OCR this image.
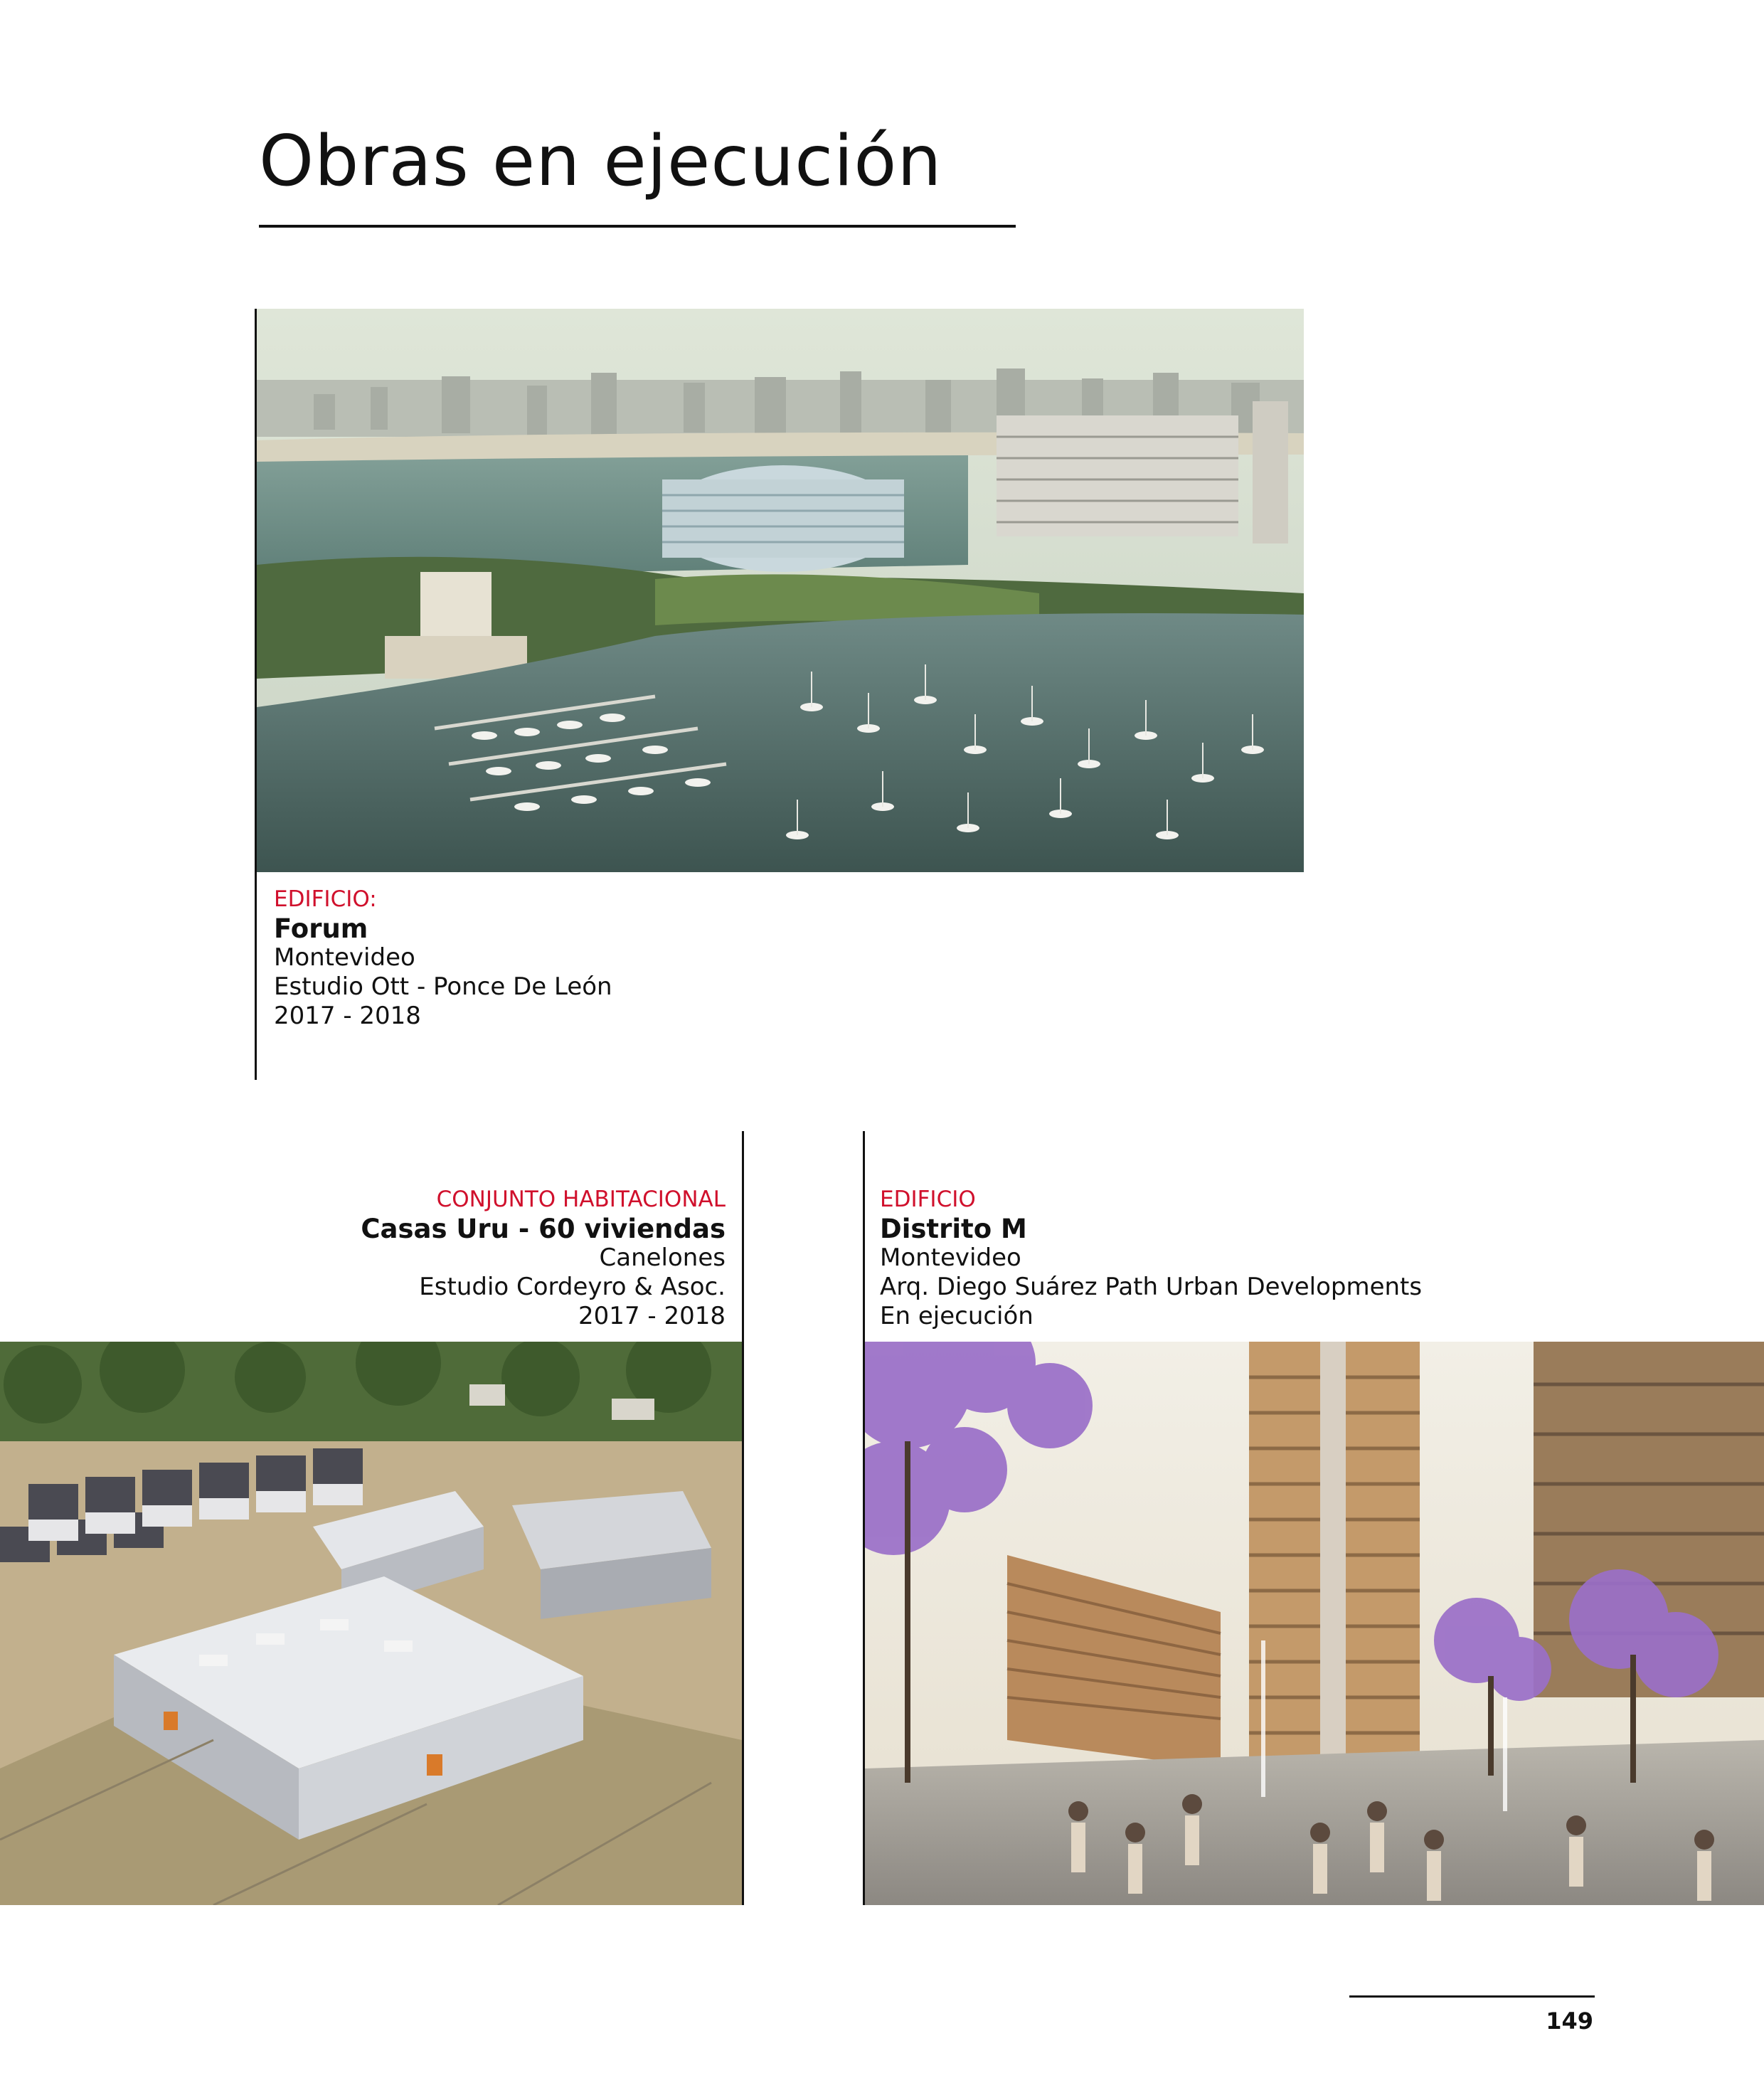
Obras en ejecución
EDIFICIO:
Forum
Montevideo
Estudio Ott - Ponce De León
2017 - 2018
CONJUNTO HABITACIONAL
Casas Uru - 60 viviendas
Canelones
Estudio Cordeyro & Asoc.
2017 - 2018
EDIFICIO
Distrito M
Montevideo
Arq. Diego Suárez Path Urban Developments
En ejecución
149
